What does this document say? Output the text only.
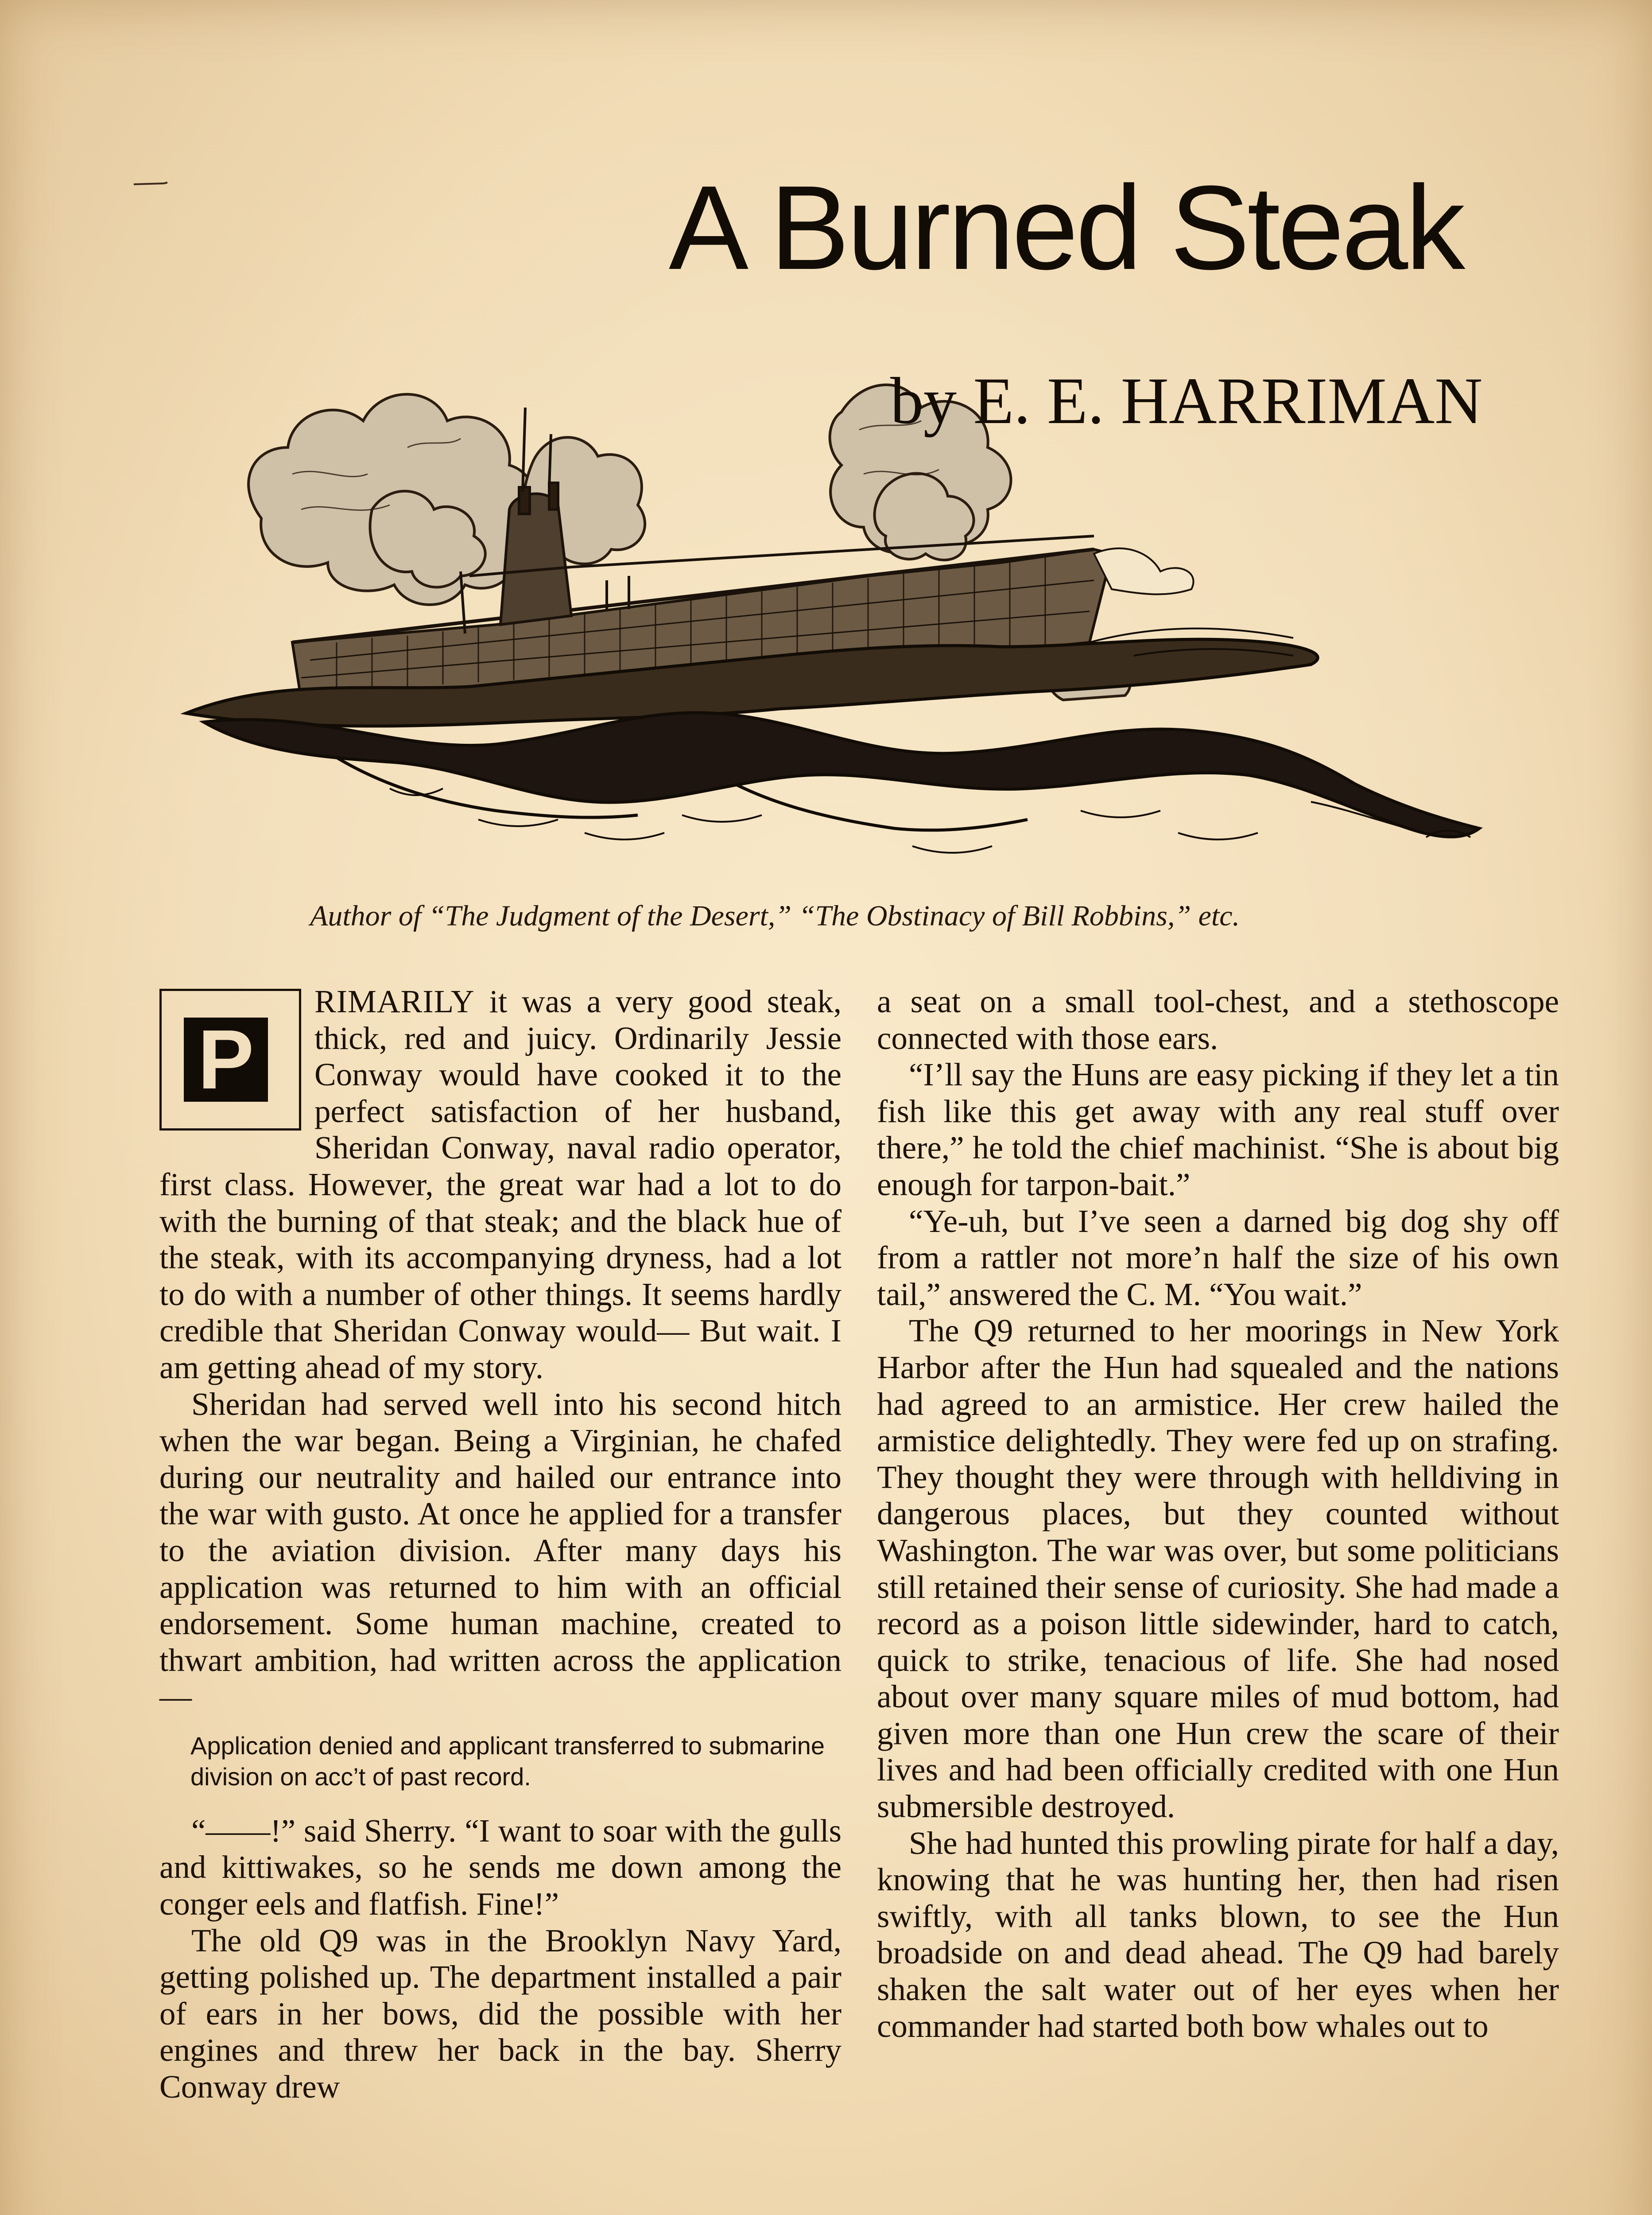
A Burned Steak
by E. E. HARRIMAN
Author of “The Judgment of the Desert,” “The Obstinacy of Bill Robbins,” etc.
P

RIMARILY it was a very good steak, thick, red and juicy. Ordinarily Jessie Conway would have cooked it to the perfect satisfaction of her husband, Sheridan Conway, naval radio operator, first class. However, the great war had a lot to do with the burning of that steak; and the black hue of the steak, with its accompanying dryness, had a lot to do with a number of other things. It seems hardly credible that Sheridan Conway would— But wait. I am getting ahead of my story.

Sheridan had served well into his second hitch when the war began. Being a Virginian, he chafed during our neutrality and hailed our entrance into the war with gusto. At once he applied for a transfer to the aviation division. After many days his application was returned to him with an official endorsement. Some human machine, created to thwart ambition, had written across the application—

Application denied and applicant transferred to submarine division on acc’t of past record.

“——!” said Sherry. “I want to soar with the gulls and kittiwakes, so he sends me down among the conger eels and flatfish. Fine!”

The old Q9 was in the Brooklyn Navy Yard, getting polished up. The department installed a pair of ears in her bows, did the possible with her engines and threw her back in the bay. Sherry Conway drew

a seat on a small tool-chest, and a stethoscope connected with those ears.

“I’ll say the Huns are easy picking if they let a tin fish like this get away with any real stuff over there,” he told the chief machinist. “She is about big enough for tarpon-bait.”

“Ye-uh, but I’ve seen a darned big dog shy off from a rattler not more’n half the size of his own tail,” answered the C. M. “You wait.”

The Q9 returned to her moorings in New York Harbor after the Hun had squealed and the nations had agreed to an armistice. Her crew hailed the armistice delightedly. They were fed up on strafing. They thought they were through with helldiving in dangerous places, but they counted without Washington. The war was over, but some politicians still retained their sense of curiosity. She had made a record as a poison little sidewinder, hard to catch, quick to strike, tenacious of life. She had nosed about over many square miles of mud bottom, had given more than one Hun crew the scare of their lives and had been officially credited with one Hun submersible destroyed.

She had hunted this prowling pirate for half a day, knowing that he was hunting her, then had risen swiftly, with all tanks blown, to see the Hun broadside on and dead ahead. The Q9 had barely shaken the salt water out of her eyes when her commander had started both bow whales out to
